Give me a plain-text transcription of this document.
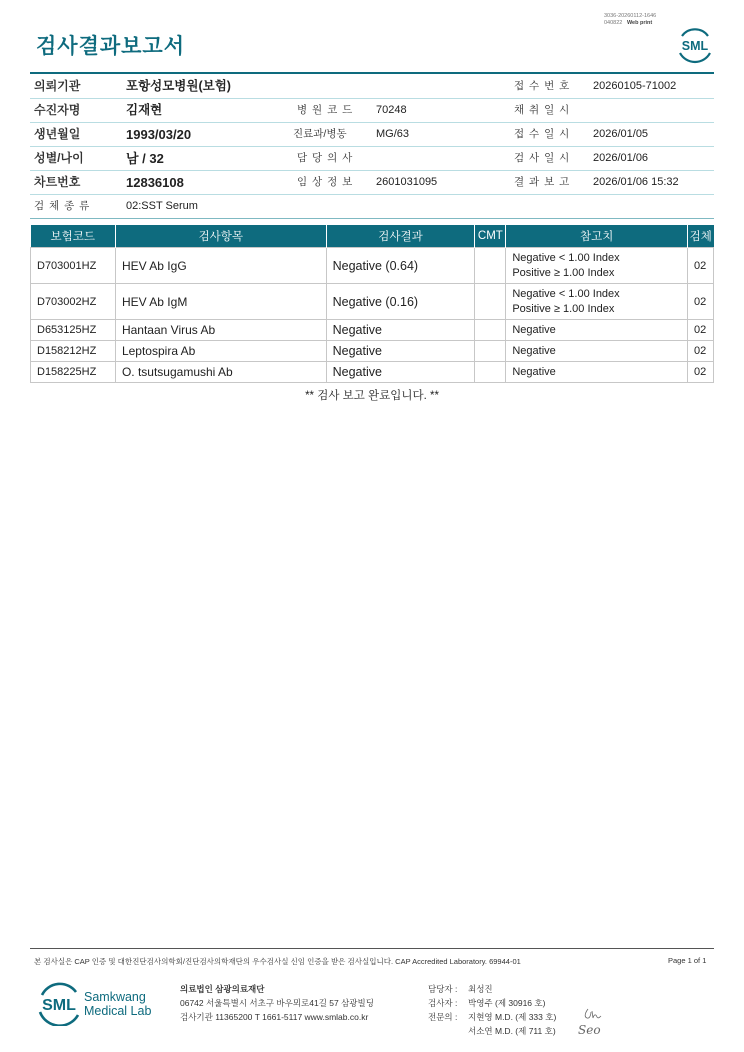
검사결과보고서
3036-20260112-1646
040822 Web print
SML
의뢰기관	포항성모병원(보험)	접 수 번 호 20260105-71002
수진자명	김재현	병 원 코 드 70248	채 취 일 시
생년월일	1993/03/20	진료과/병동	MG/63	접 수 일 시 2026/01/05
성별/나이	남 / 32	담 당 의 사	검 사 일 시 2026/01/06
차트번호	12836108	임 상 정 보 2601031095	결 과 보 고 2026/01/06 15:32
검 체 종 류	02:SST Serum
보험코드	검사항목	검사결과	CMT	참고치	검체
D703001HZ	HEV Ab IgG	Negative (0.64)		Negative < 1.00 Index
Positive ≥ 1.00 Index	02
D703002HZ	HEV Ab IgM	Negative (0.16)		Negative < 1.00 Index
Positive ≥ 1.00 Index	02
D653125HZ	Hantaan Virus Ab	Negative		Negative	02
D158212HZ	Leptospira Ab	Negative		Negative	02
D158225HZ	O. tsutsugamushi Ab	Negative		Negative	02
** 검사 보고 완료입니다. **
본 검사실은 CAP 인증 및 대한진단검사의학회/진단검사의학재단의 우수검사실 신임 인증을 받은 검사실입니다. CAP Accredited Laboratory. 69944-01	Page 1 of 1
SML Samkwang
Medical Lab
의료법인 삼광의료재단
06742 서울특별시 서초구 바우뫼로41길 57 삼광빌딩
검사기관 11365200 T 1661-5117 www.smlab.co.kr
담당자 : 최성진
검사자 : 박영주 (제 30916 호)
전문의 : 지현영 M.D. (제 333 호)
서소연 M.D. (제 711 호) Seo
